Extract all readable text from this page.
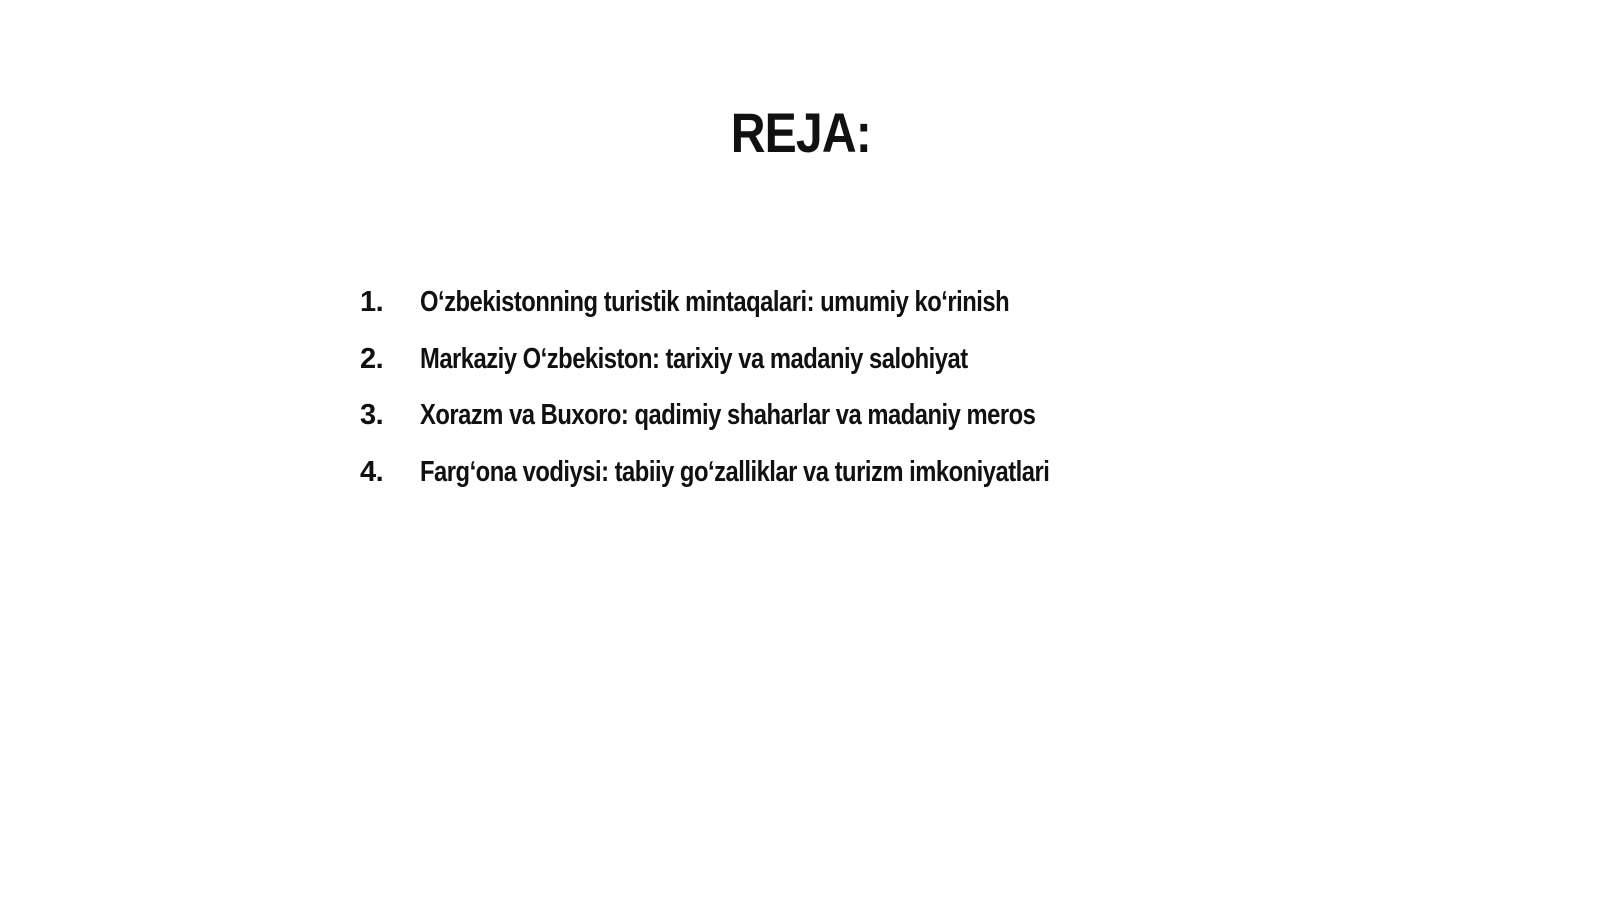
REJA:
1.	Oʻzbekistonning turistik mintaqalari: umumiy koʻrinish
2.	Markaziy Oʻzbekiston: tarixiy va madaniy salohiyat
3.	Xorazm va Buxoro: qadimiy shaharlar va madaniy meros
4.	Fargʻona vodiysi: tabiiy goʻzalliklar va turizm imkoniyatlari
